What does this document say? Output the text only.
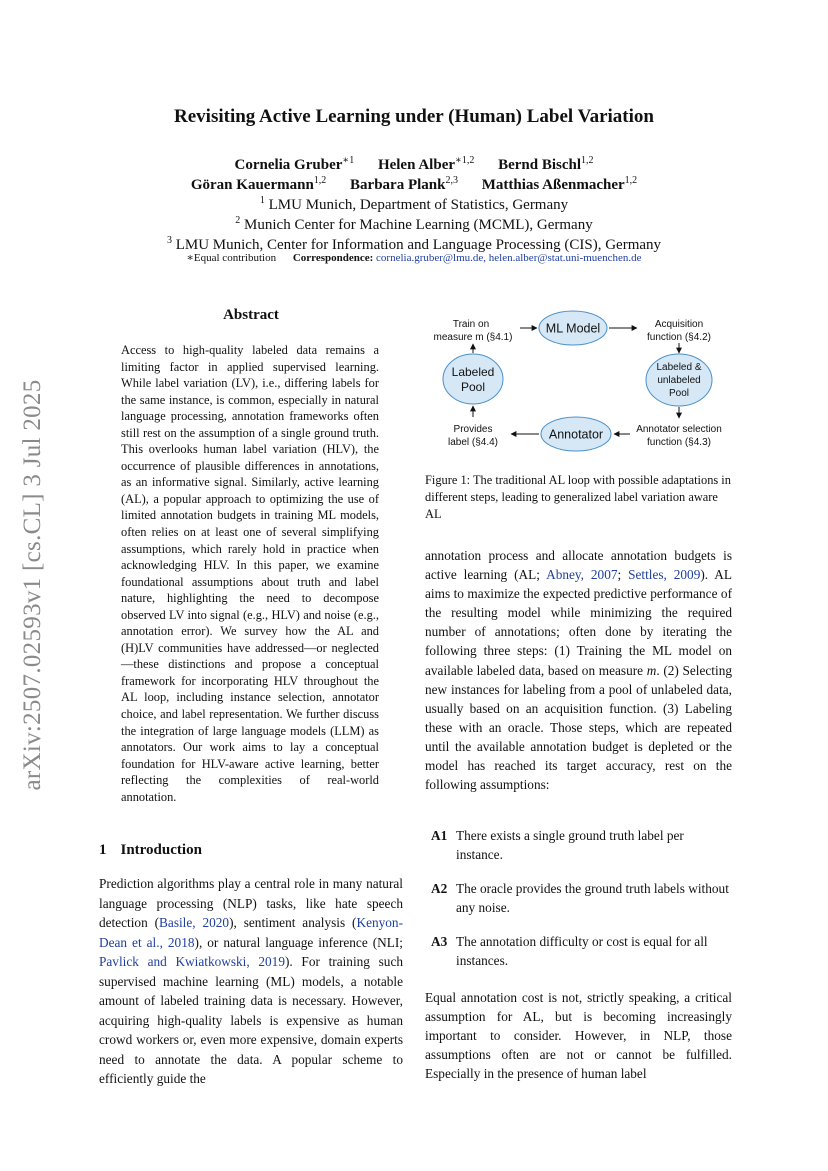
arXiv:2507.02593v1 [cs.CL] 3 Jul 2025
Revisiting Active Learning under (Human) Label Variation
Cornelia Gruber$^{∗1}$ Helen Alber$^{∗1,2}$ Bernd Bischl$^{1,2}$
Göran Kauermann$^{1,2}$ Barbara Plank$^{2,3}$ Matthias Aßenmacher$^{1,2}$
$^1$ LMU Munich, Department of Statistics, Germany
$^2$ Munich Center for Machine Learning (MCML), Germany
$^3$ LMU Munich, Center for Information and Language Processing (CIS), Germany
∗Equal contribution Correspondence: cornelia.gruber@lmu.de, helen.alber@stat.uni-muenchen.de
Abstract

Access to high-quality labeled data remains a limiting factor in applied supervised learning. While label variation (LV), i.e., differing labels for the same instance, is common, especially in natural language processing, annotation frameworks often still rest on the assumption of a single ground truth. This overlooks human label variation (HLV), the occurrence of plausible differences in annotations, as an informative signal. Similarly, active learning (AL), a popular approach to optimizing the use of limited annotation budgets in training ML models, often relies on at least one of several simplifying assumptions, which rarely hold in practice when acknowledging HLV. In this paper, we examine foundational assumptions about truth and label nature, highlighting the need to decompose observed LV into signal (e.g., HLV) and noise (e.g., annotation error). We survey how the AL and (H)LV communities have addressed—or neglected—these distinctions and propose a conceptual framework for incorporating HLV throughout the AL loop, including instance selection, annotator choice, and label representation. We further discuss the integration of large language models (LLM) as annotators. Our work aims to lay a conceptual foundation for HLV-aware active learning, better reflecting the complexities of real-world annotation.

1 Introduction

Prediction algorithms play a central role in many natural language processing (NLP) tasks, like hate speech detection (Basile, 2020), sentiment analysis (Kenyon-Dean et al., 2018), or natural language inference (NLI; Pavlick and Kwiatkowski, 2019). For training such supervised machine learning (ML) models, a notable amount of labeled training data is necessary. However, acquiring high-quality labels is expensive as human crowd workers or, even more expensive, domain experts need to annotate the data. A popular scheme to efficiently guide the

ML Model
Labeled
Pool
Labeled &
unlabeled
Pool
Annotator
Train on
measure m (§4.1)
Acquisition
function (§4.2)
Annotator selection
function (§4.3)
Provides
label (§4.4)

Figure 1: The traditional AL loop with possible adaptations in different steps, leading to generalized label variation aware AL

annotation process and allocate annotation budgets is active learning (AL; Abney, 2007; Settles, 2009). AL aims to maximize the expected predictive performance of the resulting model while minimizing the required number of annotations; often done by iterating the following three steps: (1) Training the ML model on available labeled data, based on measure m. (2) Selecting new instances for labeling from a pool of unlabeled data, usually based on an acquisition function. (3) Labeling these with an oracle. Those steps, which are repeated until the available annotation budget is depleted or the model has reached its target accuracy, rest on the following assumptions:

A1 There exists a single ground truth label per instance.
A2 The oracle provides the ground truth labels without any noise.
A3 The annotation difficulty or cost is equal for all instances.

Equal annotation cost is not, strictly speaking, a critical assumption for AL, but is becoming increasingly important to consider. However, in NLP, those assumptions often are not or cannot be fulfilled. Especially in the presence of human label
